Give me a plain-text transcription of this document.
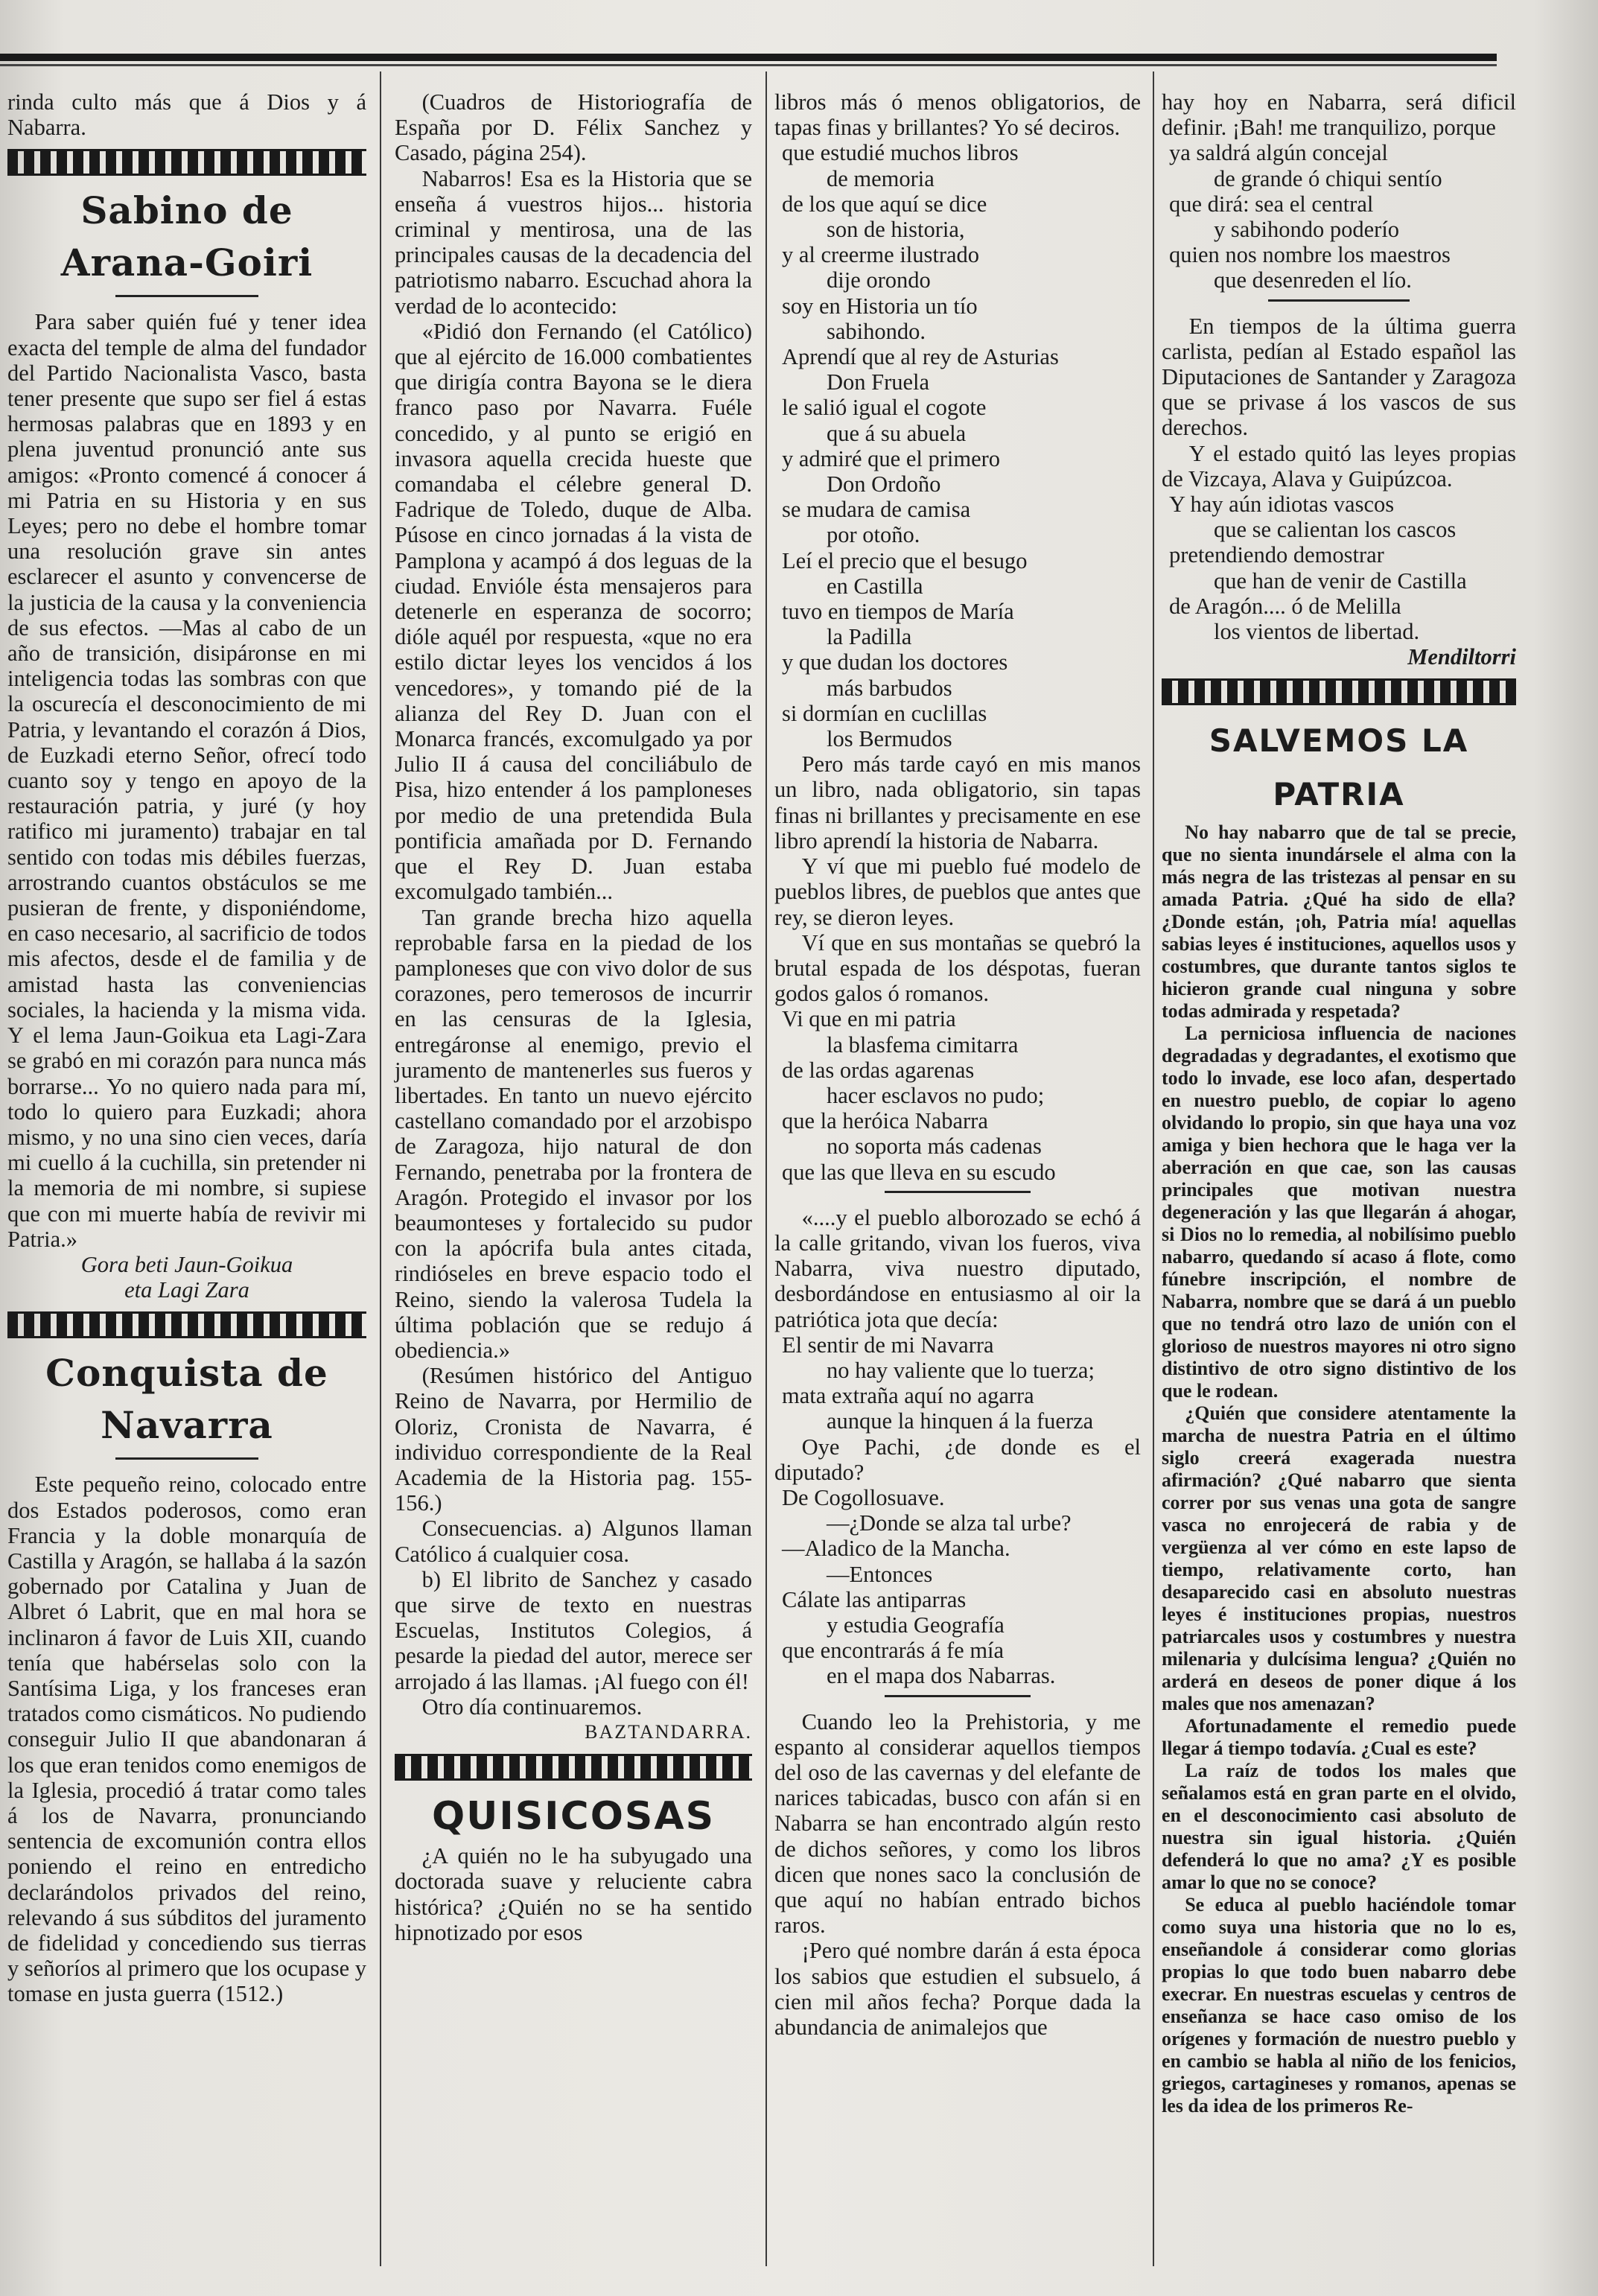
rinda culto más que á Dios y á Nabarra.

Sabino de Arana-Goiri

Para saber quién fué y tener idea exacta del temple de alma del fundador del Partido Nacionalista Vasco, basta tener presente que supo ser fiel á estas hermosas palabras que en 1893 y en plena juventud pronunció ante sus amigos: «Pronto comencé á conocer á mi Patria en su Historia y en sus Leyes; pero no debe el hombre tomar una resolución grave sin antes esclarecer el asunto y convencerse de la justicia de la causa y la conveniencia de sus efectos. —Mas al cabo de un año de transición, disipáronse en mi inteligencia todas las sombras con que la oscurecía el desconocimiento de mi Patria, y levantando el corazón á Dios, de Euzkadi eterno Señor, ofrecí todo cuanto soy y tengo en apoyo de la restauración patria, y juré (y hoy ratifico mi juramento) trabajar en tal sentido con todas mis débiles fuerzas, arrostrando cuantos obstáculos se me pusieran de frente, y disponiéndome, en caso necesario, al sacrificio de todos mis afectos, desde el de familia y de amistad hasta las conveniencias sociales, la hacienda y la misma vida. Y el lema Jaun-Goikua eta Lagi-Zara se grabó en mi corazón para nunca más borrarse... Yo no quiero nada para mí, todo lo quiero para Euzkadi; ahora mismo, y no una sino cien veces, daría mi cuello á la cuchilla, sin pretender ni la memoria de mi nombre, si supiese que con mi muerte había de revivir mi Patria.»

Gora beti Jaun-Goikua

eta Lagi Zara

Conquista de Navarra

Este pequeño reino, colocado entre dos Estados poderosos, como eran Francia y la doble monarquía de Castilla y Aragón, se hallaba á la sazón gobernado por Catalina y Juan de Albret ó Labrit, que en mal hora se inclinaron á favor de Luis XII, cuando tenía que habérselas solo con la Santísima Liga, y los franceses eran tratados como cismáticos. No pudiendo conseguir Julio II que abandonaran á los que eran tenidos como enemigos de la Iglesia, procedió á tratar como tales á los de Navarra, pronunciando sentencia de excomunión contra ellos poniendo el reino en entredicho declarándolos privados del reino, relevando á sus súbditos del juramento de fidelidad y concediendo sus tierras y señoríos al primero que los ocupase y tomase en justa guerra (1512.)

(Cuadros de Historiografía de España por D. Félix Sanchez y Casado, página 254).

Nabarros! Esa es la Historia que se enseña á vuestros hijos... historia criminal y mentirosa, una de las principales causas de la decadencia del patriotismo nabarro. Escuchad ahora la verdad de lo acontecido:

«Pidió don Fernando (el Católico) que al ejército de 16.000 combatientes que dirigía contra Bayona se le diera franco paso por Navarra. Fuéle concedido, y al punto se erigió en invasora aquella crecida hueste que comandaba el célebre general D. Fadrique de Toledo, duque de Alba. Púsose en cinco jornadas á la vista de Pamplona y acampó á dos leguas de la ciudad. Envióle ésta mensajeros para detenerle en esperanza de socorro; dióle aquél por respuesta, «que no era estilo dictar leyes los vencidos á los vencedores», y tomando pié de la alianza del Rey D. Juan con el Monarca francés, excomulgado ya por Julio II á causa del conciliábulo de Pisa, hizo entender á los pamploneses por medio de una pretendida Bula pontificia amañada por D. Fernando que el Rey D. Juan estaba excomulgado también...

Tan grande brecha hizo aquella reprobable farsa en la piedad de los pamploneses que con vivo dolor de sus corazones, pero temerosos de incurrir en las censuras de la Iglesia, entregáronse al enemigo, previo el juramento de mantenerles sus fueros y libertades. En tanto un nuevo ejército castellano comandado por el arzobispo de Zaragoza, hijo natural de don Fernando, penetraba por la frontera de Aragón. Protegido el invasor por los beaumonteses y fortalecido su pudor con la apócrifa bula antes citada, rindióseles en breve espacio todo el Reino, siendo la valerosa Tudela la última población que se redujo á obediencia.»

(Resúmen histórico del Antiguo Reino de Navarra, por Hermilio de Oloriz, Cronista de Navarra, é individuo correspondiente de la Real Academia de la Historia pag. 155-156.)

Consecuencias. a) Algunos llaman Católico á cualquier cosa.

b) El librito de Sanchez y casado que sirve de texto en nuestras Escuelas, Institutos Colegios, á pesarde la piedad del autor, merece ser arrojado á las llamas. ¡Al fuego con él!

Otro día continuaremos.

BAZTANDARRA.

QUISICOSAS

¿A quién no le ha subyugado una doctorada suave y reluciente cabra histórica? ¿Quién no se ha sentido hipnotizado por esos

libros más ó menos obligatorios, de tapas finas y brillantes? Yo sé deciros.

que estudié muchos libros
de memoria
de los que aquí se dice
son de historia,
y al creerme ilustrado
dije orondo
soy en Historia un tío
sabihondo.
Aprendí que al rey de Asturias
Don Fruela
le salió igual el cogote
que á su abuela
y admiré que el primero
Don Ordoño
se mudara de camisa
por otoño.
Leí el precio que el besugo
en Castilla
tuvo en tiempos de María
la Padilla
y que dudan los doctores
más barbudos
si dormían en cuclillas
los Bermudos

Pero más tarde cayó en mis manos un libro, nada obligatorio, sin tapas finas ni brillantes y precisamente en ese libro aprendí la historia de Nabarra.

Y ví que mi pueblo fué modelo de pueblos libres, de pueblos que antes que rey, se dieron leyes.

Ví que en sus montañas se quebró la brutal espada de los déspotas, fueran godos galos ó romanos.

Vi que en mi patria
la blasfema cimitarra
de las ordas agarenas
hacer esclavos no pudo;
que la heróica Nabarra
no soporta más cadenas
que las que lleva en su escudo

«....y el pueblo alborozado se echó á la calle gritando, vivan los fueros, viva Nabarra, viva nuestro diputado, desbordándose en entusiasmo al oir la patriótica jota que decía:

El sentir de mi Navarra
no hay valiente que lo tuerza;
mata extraña aquí no agarra
aunque la hinquen á la fuerza

Oye Pachi, ¿de donde es el diputado?

De Cogollosuave.
—¿Donde se alza tal urbe?
—Aladico de la Mancha.
—Entonces
Cálate las antiparras
y estudia Geografía
que encontrarás á fe mía
en el mapa dos Nabarras.

Cuando leo la Prehistoria, y me espanto al considerar aquellos tiempos del oso de las cavernas y del elefante de narices tabicadas, busco con afán si en Nabarra se han encontrado algún resto de dichos señores, y como los libros dicen que nones saco la conclusión de que aquí no habían entrado bichos raros.

¡Pero qué nombre darán á esta época los sabios que estudien el subsuelo, á cien mil años fecha? Porque dada la abundancia de animalejos que

hay hoy en Nabarra, será dificil definir. ¡Bah! me tranquilizo, porque

ya saldrá algún concejal
de grande ó chiqui sentío
que dirá: sea el central
y sabihondo poderío
quien nos nombre los maestros
que desenreden el lío.

En tiempos de la última guerra carlista, pedían al Estado español las Diputaciones de Santander y Zaragoza que se privase á los vascos de sus derechos.

Y el estado quitó las leyes propias de Vizcaya, Alava y Guipúzcoa.

Y hay aún idiotas vascos
que se calientan los cascos
pretendiendo demostrar
que han de venir de Castilla
de Aragón.... ó de Melilla
los vientos de libertad.

Mendiltorri

SALVEMOS LA PATRIA

No hay nabarro que de tal se precie, que no sienta inundársele el alma con la más negra de las tristezas al pensar en su amada Patria. ¿Qué ha sido de ella? ¿Donde están, ¡oh, Patria mía! aquellas sabias leyes é instituciones, aquellos usos y costumbres, que durante tantos siglos te hicieron grande cual ninguna y sobre todas admirada y respetada?

La perniciosa influencia de naciones degradadas y degradantes, el exotismo que todo lo invade, ese loco afan, despertado en nuestro pueblo, de copiar lo ageno olvidando lo propio, sin que haya una voz amiga y bien hechora que le haga ver la aberración en que cae, son las causas principales que motivan nuestra degeneración y las que llegarán á ahogar, si Dios no lo remedia, al nobilísimo pueblo nabarro, quedando sí acaso á flote, como fúnebre inscripción, el nombre de Nabarra, nombre que se dará á un pueblo que no tendrá otro lazo de unión con el glorioso de nuestros mayores ni otro signo distintivo de otro signo distintivo de los que le rodean.

¿Quién que considere atentamente la marcha de nuestra Patria en el último siglo creerá exagerada nuestra afirmación? ¿Qué nabarro que sienta correr por sus venas una gota de sangre vasca no enrojecerá de rabia y de vergüenza al ver cómo en este lapso de tiempo, relativamente corto, han desaparecido casi en absoluto nuestras leyes é instituciones propias, nuestros patriarcales usos y costumbres y nuestra milenaria y dulcísima lengua? ¿Quién no arderá en deseos de poner dique á los males que nos amenazan?

Afortunadamente el remedio puede llegar á tiempo todavía. ¿Cual es este?

La raíz de todos los males que señalamos está en gran parte en el olvido, en el desconocimiento casi absoluto de nuestra sin igual historia. ¿Quién defenderá lo que no ama? ¿Y es posible amar lo que no se conoce?

Se educa al pueblo haciéndole tomar como suya una historia que no lo es, enseñandole á considerar como glorias propias lo que todo buen nabarro debe execrar. En nuestras escuelas y centros de enseñanza se hace caso omiso de los orígenes y formación de nuestro pueblo y en cambio se habla al niño de los fenicios, griegos, cartagineses y romanos, apenas se les da idea de los primeros Re-
